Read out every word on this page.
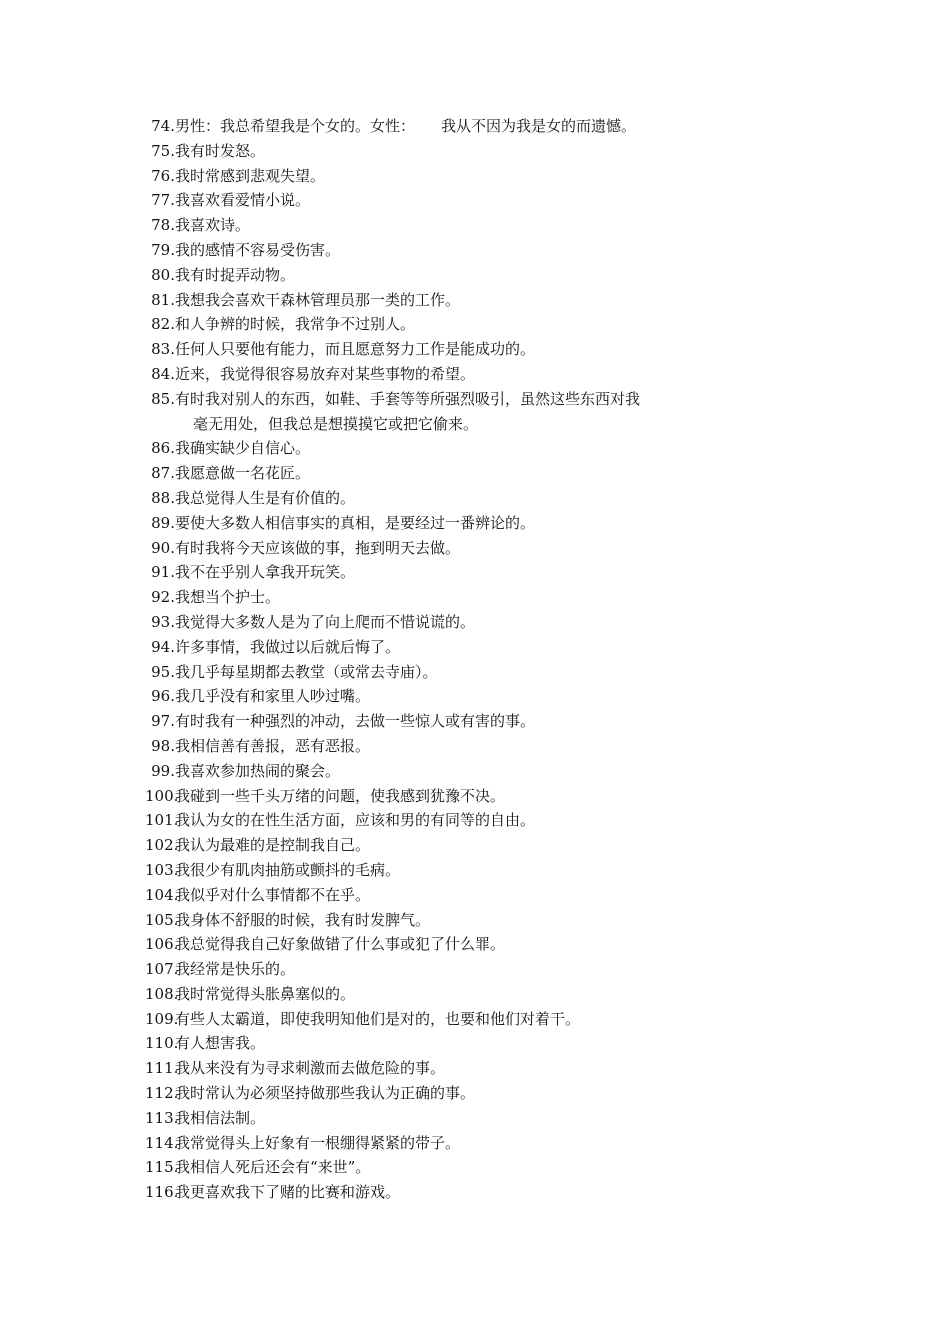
74. 男性：我总希望我是个女的。女性： 我从不因为我是女的而遗憾。
75. 我有时发怒。
76. 我时常感到悲观失望。
77. 我喜欢看爱情小说。
78. 我喜欢诗。
79. 我的感情不容易受伤害。
80. 我有时捉弄动物。
81. 我想我会喜欢干森林管理员那一类的工作。
82. 和人争辨的时候，我常争不过别人。
83. 任何人只要他有能力，而且愿意努力工作是能成功的。
84. 近来，我觉得很容易放弃对某些事物的希望。
85. 有时我对别人的东西，如鞋、手套等等所强烈吸引，虽然这些东西对我
毫无用处，但我总是想摸摸它或把它偷来。
86. 我确实缺少自信心。
87. 我愿意做一名花匠。
88. 我总觉得人生是有价值的。
89. 要使大多数人相信事实的真相，是要经过一番辨论的。
90. 有时我将今天应该做的事，拖到明天去做。
91. 我不在乎别人拿我开玩笑。
92. 我想当个护士。
93. 我觉得大多数人是为了向上爬而不惜说谎的。
94. 许多事情，我做过以后就后悔了。
95. 我几乎每星期都去教堂（或常去寺庙）。
96. 我几乎没有和家里人吵过嘴。
97. 有时我有一种强烈的冲动，去做一些惊人或有害的事。
98. 我相信善有善报，恶有恶报。
99. 我喜欢参加热闹的聚会。
100.
我碰到一些千头万绪的问题，使我感到犹豫不决。
101.
我认为女的在性生活方面，应该和男的有同等的自由。
102.
我认为最难的是控制我自己。
103.
我很少有肌肉抽筋或颤抖的毛病。
104.
我似乎对什么事情都不在乎。
105.
我身体不舒服的时候，我有时发脾气。
106.
我总觉得我自己好象做错了什么事或犯了什么罪。
107.
我经常是快乐的。
108.
我时常觉得头胀鼻塞似的。
109.
有些人太霸道，即使我明知他们是对的，也要和他们对着干。
110.
有人想害我。
111.
我从来没有为寻求刺激而去做危险的事。
112.
我时常认为必须坚持做那些我认为正确的事。
113.
我相信法制。
114.
我常觉得头上好象有一根绷得紧紧的带子。
115.
我相信人死后还会有“来世”。
116.
我更喜欢我下了赌的比赛和游戏。
